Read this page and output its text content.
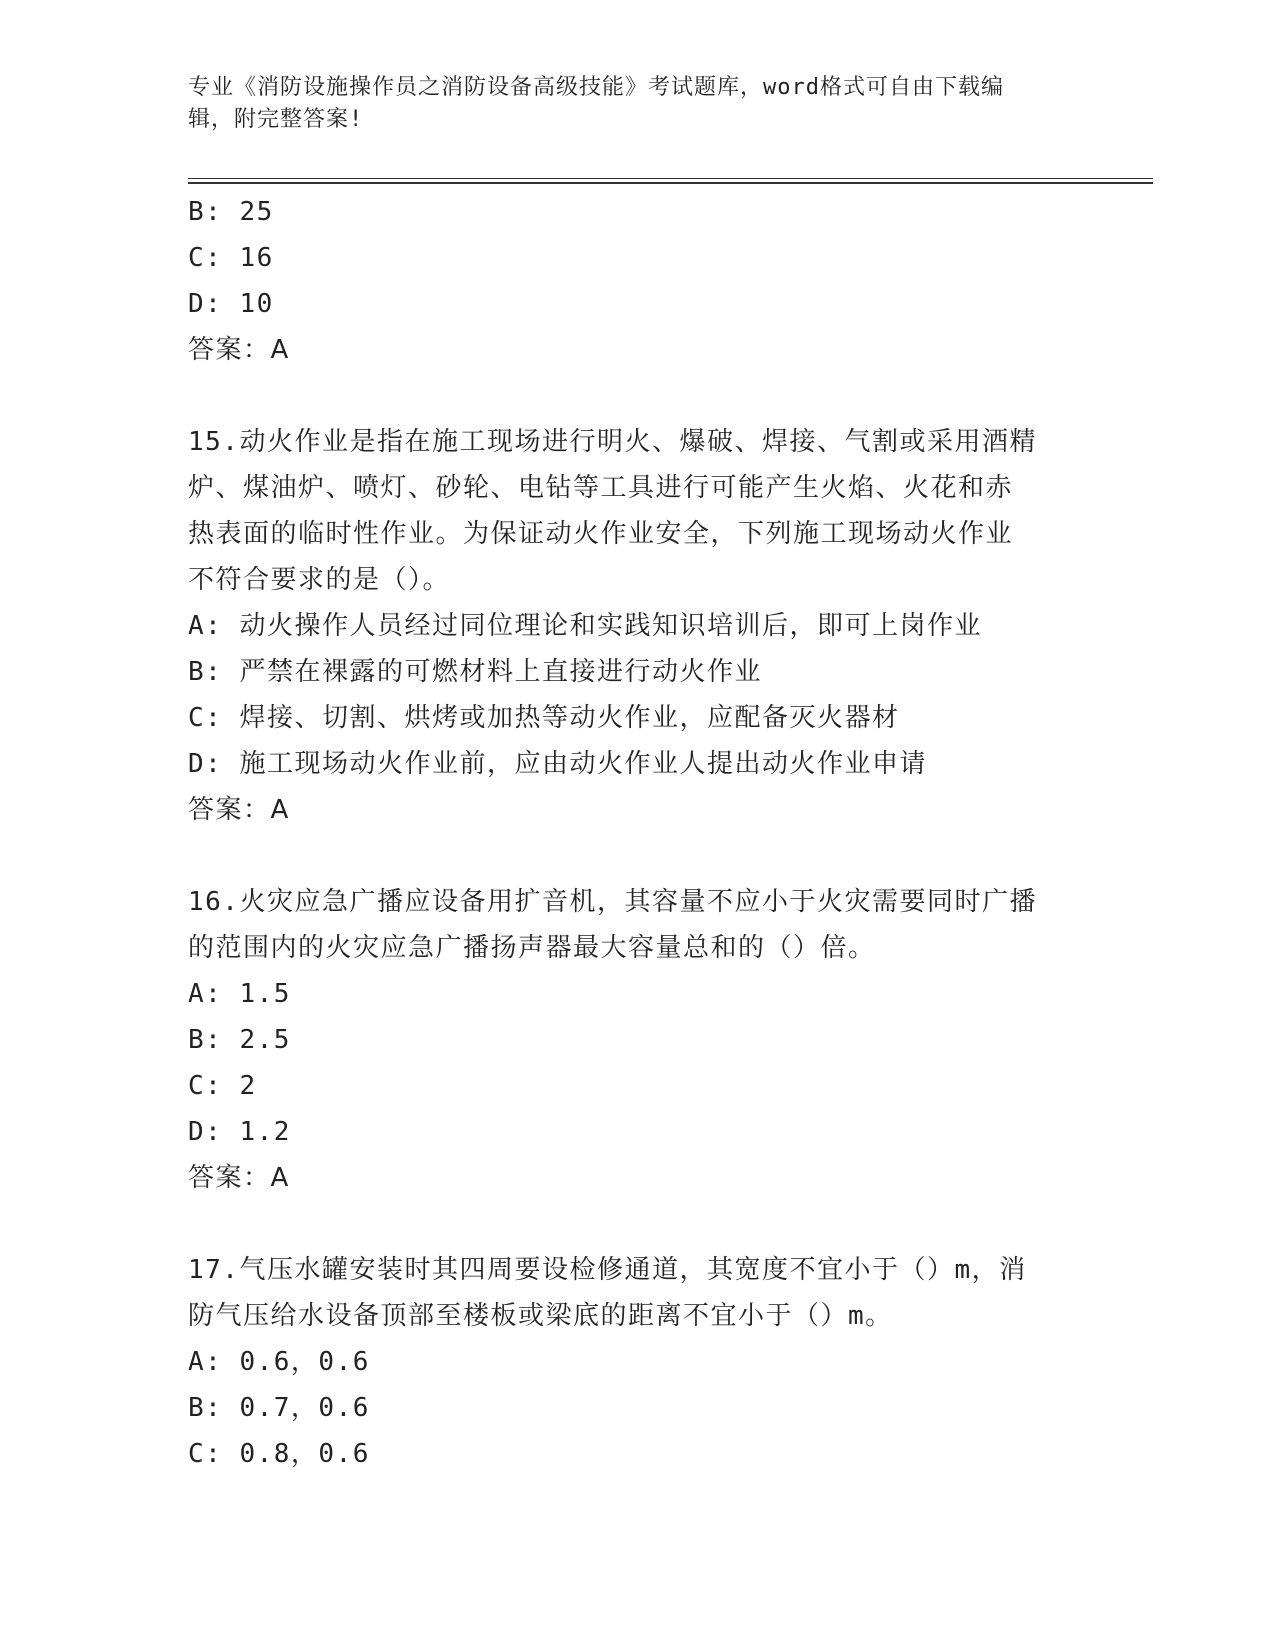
专业《消防设施操作员之消防设备高级技能》考试题库，word格式可自由下载编
辑，附完整答案!
B: 25
C: 16
D: 10
答案：A
15.动火作业是指在施工现场进行明火、爆破、焊接、气割或采用酒精
炉、煤油炉、喷灯、砂轮、电钻等工具进行可能产生火焰、火花和赤
热表面的临时性作业。为保证动火作业安全，下列施工现场动火作业
不符合要求的是（）。
A: 动火操作人员经过同位理论和实践知识培训后，即可上岗作业
B: 严禁在裸露的可燃材料上直接进行动火作业
C: 焊接、切割、烘烤或加热等动火作业，应配备灭火器材
D: 施工现场动火作业前，应由动火作业人提出动火作业申请
答案：A
16.火灾应急广播应设备用扩音机，其容量不应小于火灾需要同时广播
的范围内的火灾应急广播扬声器最大容量总和的（）倍。
A: 1.5
B: 2.5
C: 2
D: 1.2
答案：A
17.气压水罐安装时其四周要设检修通道，其宽度不宜小于（）m，消
防气压给水设备顶部至楼板或梁底的距离不宜小于（）m。
A: 0.6，0.6
B: 0.7，0.6
C: 0.8，0.6
